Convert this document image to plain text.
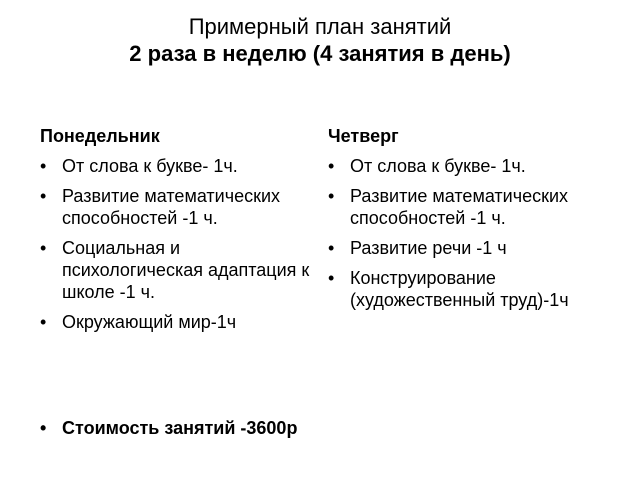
Примерный план занятий
2 раза в неделю (4 занятия в день)
Понедельник
• От слова к букве- 1ч.
• Развитие математических способностей -1 ч.
• Социальная и психологическая адаптация к школе -1 ч.
• Окружающий мир-1ч
Четверг
• От слова к букве- 1ч.
• Развитие математических способностей -1 ч.
• Развитие речи -1 ч
• Конструирование (художественный труд)-1ч
• Стоимость занятий -3600р
